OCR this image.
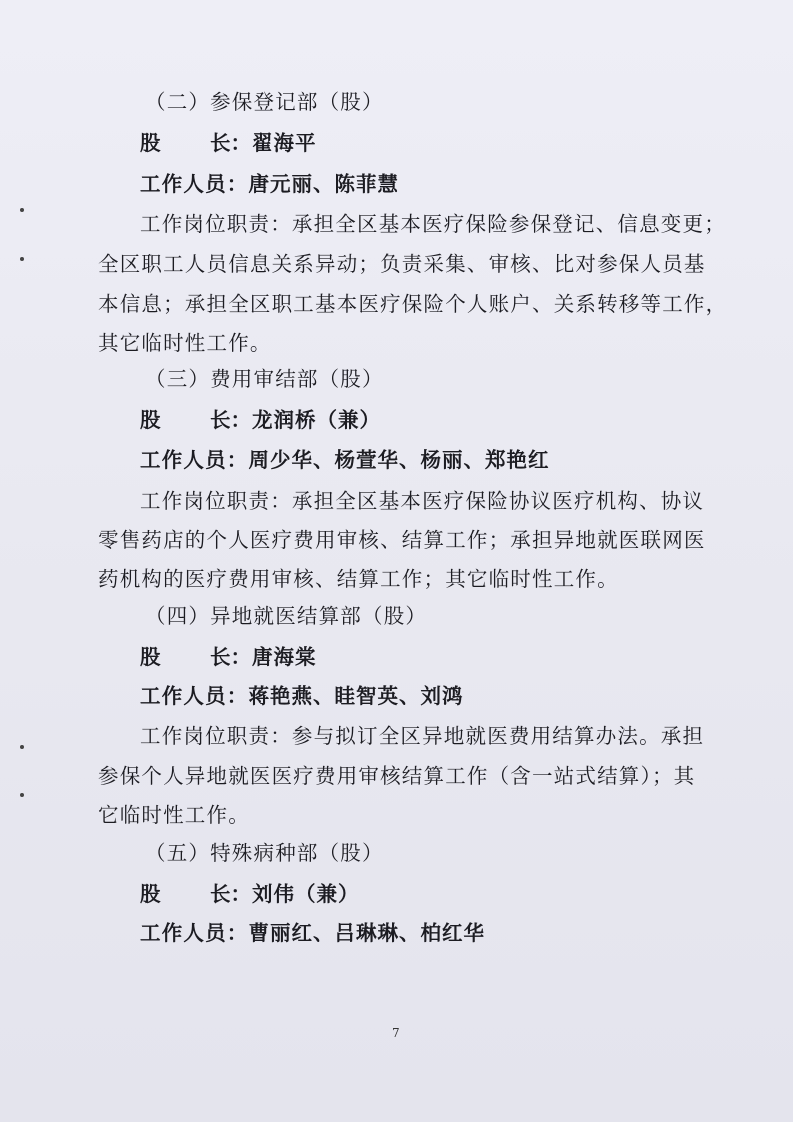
（二）参保登记部（股）
股 长：翟海平
工作人员：唐元丽、陈菲慧
工作岗位职责：承担全区基本医疗保险参保登记、信息变更；
全区职工人员信息关系异动；负责采集、审核、比对参保人员基
本信息；承担全区职工基本医疗保险个人账户、关系转移等工作，
其它临时性工作。
（三）费用审结部（股）
股 长：龙润桥（兼）
工作人员：周少华、杨萱华、杨丽、郑艳红
工作岗位职责：承担全区基本医疗保险协议医疗机构、协议
零售药店的个人医疗费用审核、结算工作；承担异地就医联网医
药机构的医疗费用审核、结算工作；其它临时性工作。
（四）异地就医结算部（股）
股 长：唐海棠
工作人员：蒋艳燕、眭智英、刘鸿
工作岗位职责：参与拟订全区异地就医费用结算办法。承担
参保个人异地就医医疗费用审核结算工作（含一站式结算）；其
它临时性工作。
（五）特殊病种部（股）
股 长：刘伟（兼）
工作人员：曹丽红、吕琳琳、柏红华
7
